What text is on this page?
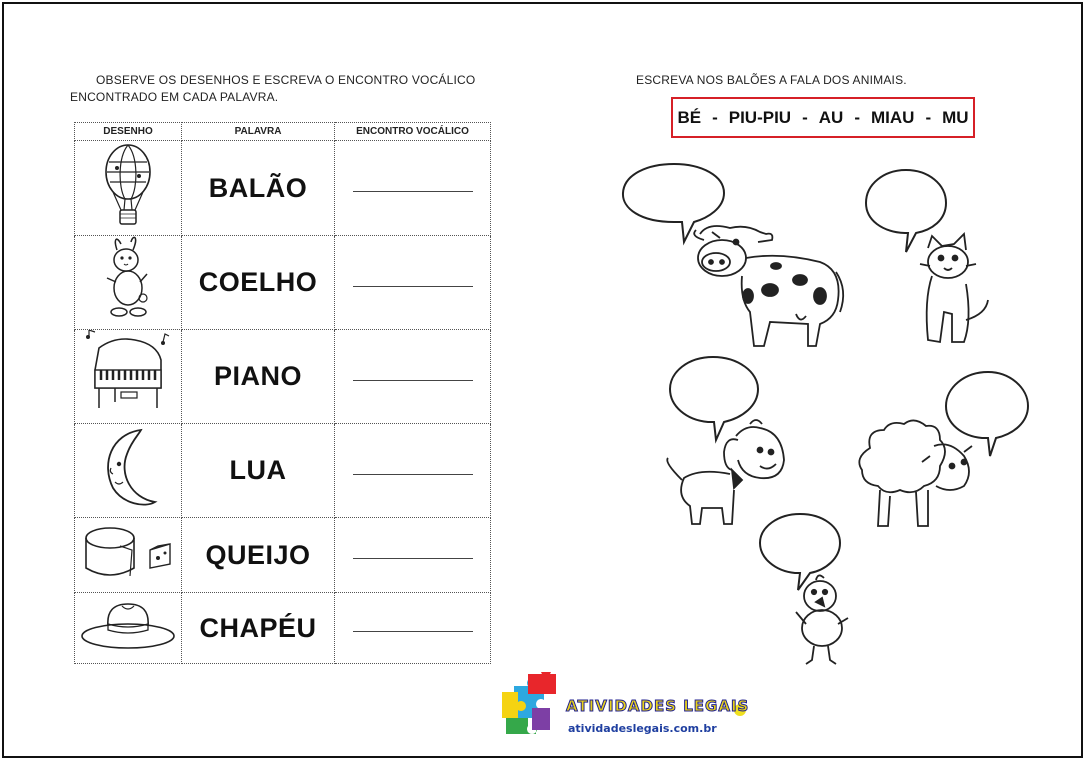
OBSERVE OS DESENHOS E ESCREVA O ENCONTRO VOCÁLICO
ENCONTRADO EM CADA PALAVRA.
DESENHO	PALAVRA	ENCONTRO VOCÁLICO
	BALÃO	
	COELHO	
	PIANO	
	LUA	
	QUEIJO	
	CHAPÉU	
ESCREVA NOS BALÕES A FALA DOS ANIMAIS.
BÉ - PIU-PIU - AU - MIAU - MU
ATIVIDADES LEGAIS
atividadeslegais.com.br
